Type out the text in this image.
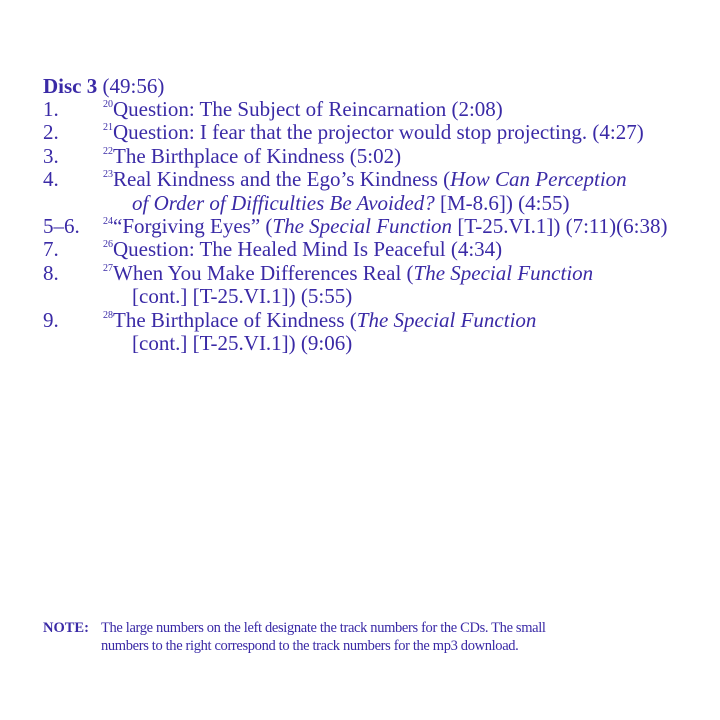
Disc 3 (49:56)
1.	$^{20}$Question: The Subject of Reincarnation (2:08)
2.	$^{21}$Question: I fear that the projector would stop projecting. (4:27)
3.	$^{22}$The Birthplace of Kindness (5:02)
4.	$^{23}$Real Kindness and the Ego’s Kindness (How Can Perception
of Order of Difficulties Be Avoided? [M-8.6]) (4:55)
5–6.	$^{24}$“Forgiving Eyes” (The Special Function [T-25.VI.1]) (7:11)(6:38)
7.	$^{26}$Question: The Healed Mind Is Peaceful (4:34)
8.	$^{27}$When You Make Differences Real (The Special Function
[cont.] [T-25.VI.1]) (5:55)
9.	$^{28}$The Birthplace of Kindness (The Special Function
[cont.] [T-25.VI.1]) (9:06)
NOTE: The large numbers on the left designate the track numbers for the CDs. The small
numbers to the right correspond to the track numbers for the mp3 download.
